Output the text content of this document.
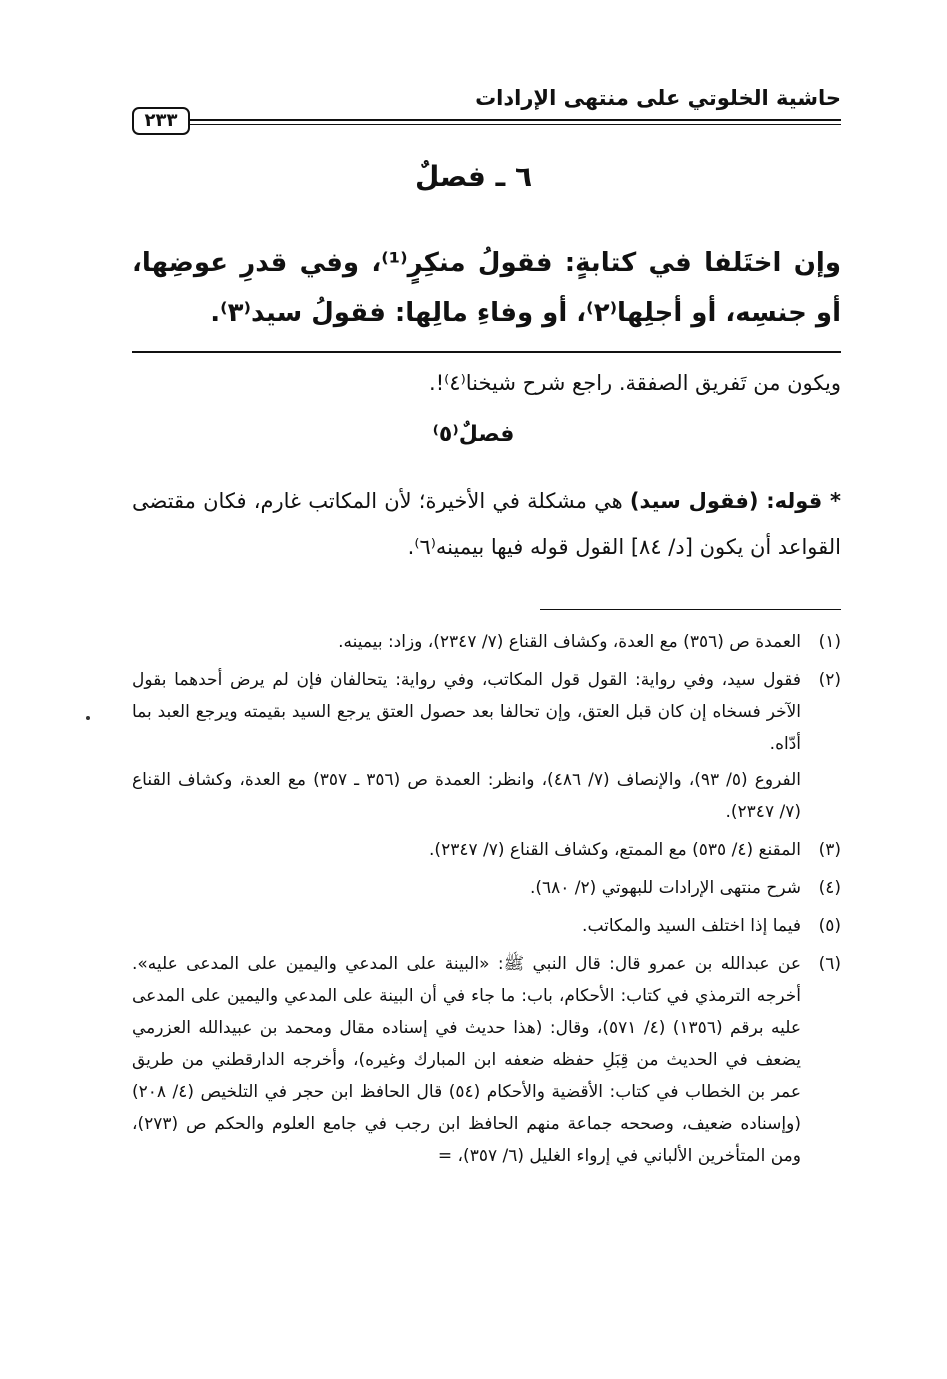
حاشية الخلوتي على منتهى الإرادات
٢٣٣
٦ ـ فصلٌ
وإن اختَلفا في كتابةٍ: فقولُ منكِرٍ⁽¹⁾، وفي قدرِ عوضِها، أو جنسِه، أو أجلِها⁽٢⁾، أو وفاءِ مالِها: فقولُ سيد⁽٣⁾.
ويكون من تَفريق الصفقة. راجع شرح شيخنا⁽٤⁾!.
فصلٌ⁽٥⁾
* قوله: (فقول سيد) هي مشكلة في الأخيرة؛ لأن المكاتب غارم، فكان مقتضى القواعد أن يكون [د/ ٨٤] القول قوله فيها بيمينه⁽٦⁾.
(١)

العمدة ص (٣٥٦) مع العدة، وكشاف القناع (٧/ ٢٣٤٧)، وزاد: بيمينه.

(٢)

فقول سيد، وفي رواية: القول قول المكاتب، وفي رواية: يتحالفان فإن لم يرض أحدهما بقول الآخر فسخاه إن كان قبل العتق، وإن تحالفا بعد حصول العتق يرجع السيد بقيمته ويرجع العبد بما أدّاه.

الفروع (٥/ ٩٣)، والإنصاف (٧/ ٤٨٦)، وانظر: العمدة ص (٣٥٦ ـ ٣٥٧) مع العدة، وكشاف القناع (٧/ ٢٣٤٧).

(٣)

المقنع (٤/ ٥٣٥) مع الممتع، وكشاف القناع (٧/ ٢٣٤٧).

(٤)

شرح منتهى الإرادات للبهوتي (٢/ ٦٨٠).

(٥)

فيما إذا اختلف السيد والمكاتب.

(٦)

عن عبدالله بن عمرو قال: قال النبي ﷺ: «البينة على المدعي واليمين على المدعى عليه». أخرجه الترمذي في كتاب: الأحكام، باب: ما جاء في أن البينة على المدعي واليمين على المدعى عليه برقم (١٣٥٦) (٤/ ٥٧١)، وقال: (هذا حديث في إسناده مقال ومحمد بن عبيدالله العزرمي يضعف في الحديث من قِبَلِ حفظه ضعفه ابن المبارك وغيره)، وأخرجه الدارقطني من طريق عمر بن الخطاب في كتاب: الأقضية والأحكام (٥٤) قال الحافظ ابن حجر في التلخيص (٤/ ٢٠٨) (وإسناده ضعيف، وصححه جماعة منهم الحافظ ابن رجب في جامع العلوم والحكم ص (٢٧٣)، ومن المتأخرين الألباني في إرواء الغليل (٦/ ٣٥٧)، =
